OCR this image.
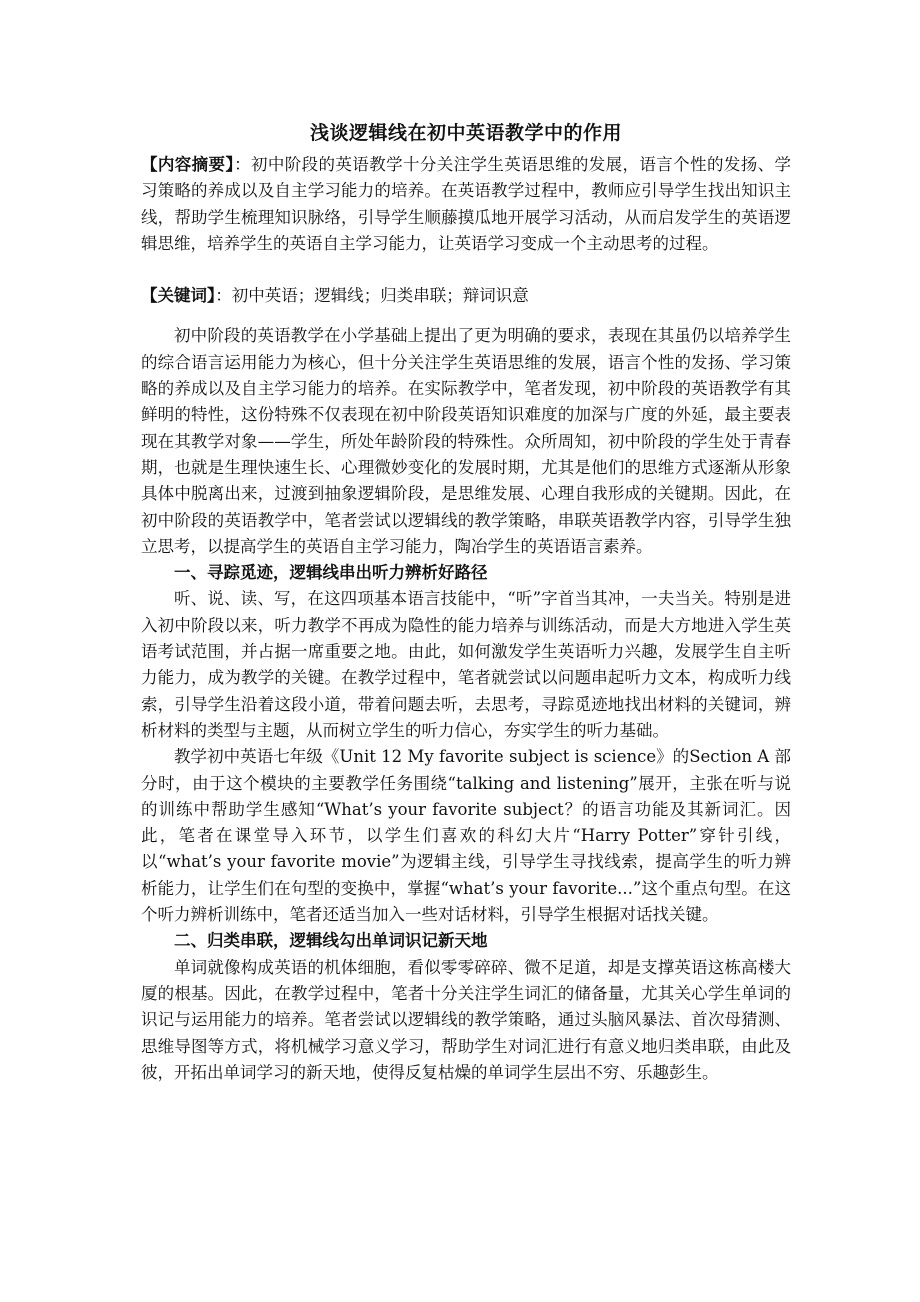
浅谈逻辑线在初中英语教学中的作用

【内容摘要】：初中阶段的英语教学十分关注学生英语思维的发展，语言个性的发扬、学习策略的养成以及自主学习能力的培养。在英语教学过程中，教师应引导学生找出知识主线，帮助学生梳理知识脉络，引导学生顺藤摸瓜地开展学习活动，从而启发学生的英语逻辑思维，培养学生的英语自主学习能力，让英语学习变成一个主动思考的过程。

【关键词】：初中英语；逻辑线；归类串联；辩词识意

初中阶段的英语教学在小学基础上提出了更为明确的要求，表现在其虽仍以培养学生的综合语言运用能力为核心，但十分关注学生英语思维的发展，语言个性的发扬、学习策略的养成以及自主学习能力的培养。在实际教学中，笔者发现，初中阶段的英语教学有其鲜明的特性，这份特殊不仅表现在初中阶段英语知识难度的加深与广度的外延，最主要表现在其教学对象——学生，所处年龄阶段的特殊性。众所周知，初中阶段的学生处于青春期，也就是生理快速生长、心理微妙变化的发展时期，尤其是他们的思维方式逐渐从形象具体中脱离出来，过渡到抽象逻辑阶段，是思维发展、心理自我形成的关键期。因此，在初中阶段的英语教学中，笔者尝试以逻辑线的教学策略，串联英语教学内容，引导学生独立思考，以提高学生的英语自主学习能力，陶冶学生的英语语言素养。

一、寻踪觅迹，逻辑线串出听力辨析好路径

听、说、读、写，在这四项基本语言技能中，“听”字首当其冲，一夫当关。特别是进入初中阶段以来，听力教学不再成为隐性的能力培养与训练活动，而是大方地进入学生英语考试范围，并占据一席重要之地。由此，如何激发学生英语听力兴趣，发展学生自主听力能力，成为教学的关键。在教学过程中，笔者就尝试以问题串起听力文本，构成听力线索，引导学生沿着这段小道，带着问题去听，去思考，寻踪觅迹地找出材料的关键词，辨析材料的类型与主题，从而树立学生的听力信心，夯实学生的听力基础。

教学初中英语七年级《Unit 12 My favorite subject is science》的Section A 部分时，由于这个模块的主要教学任务围绕“talking and listening”展开，主张在听与说的训练中帮助学生感知“What’s your favorite subject？的语言功能及其新词汇。因此，笔者在课堂导入环节，以学生们喜欢的科幻大片“Harry Potter”穿针引线，以“what’s your favorite movie”为逻辑主线，引导学生寻找线索，提高学生的听力辨析能力，让学生们在句型的变换中，掌握“what’s your favorite...”这个重点句型。在这个听力辨析训练中，笔者还适当加入一些对话材料，引导学生根据对话找关键。

二、归类串联，逻辑线勾出单词识记新天地

单词就像构成英语的机体细胞，看似零零碎碎、微不足道，却是支撑英语这栋高楼大厦的根基。因此，在教学过程中，笔者十分关注学生词汇的储备量，尤其关心学生单词的识记与运用能力的培养。笔者尝试以逻辑线的教学策略，通过头脑风暴法、首次母猜测、思维导图等方式，将机械学习意义学习，帮助学生对词汇进行有意义地归类串联，由此及彼，开拓出单词学习的新天地，使得反复枯燥的单词学生层出不穷、乐趣彭生。
